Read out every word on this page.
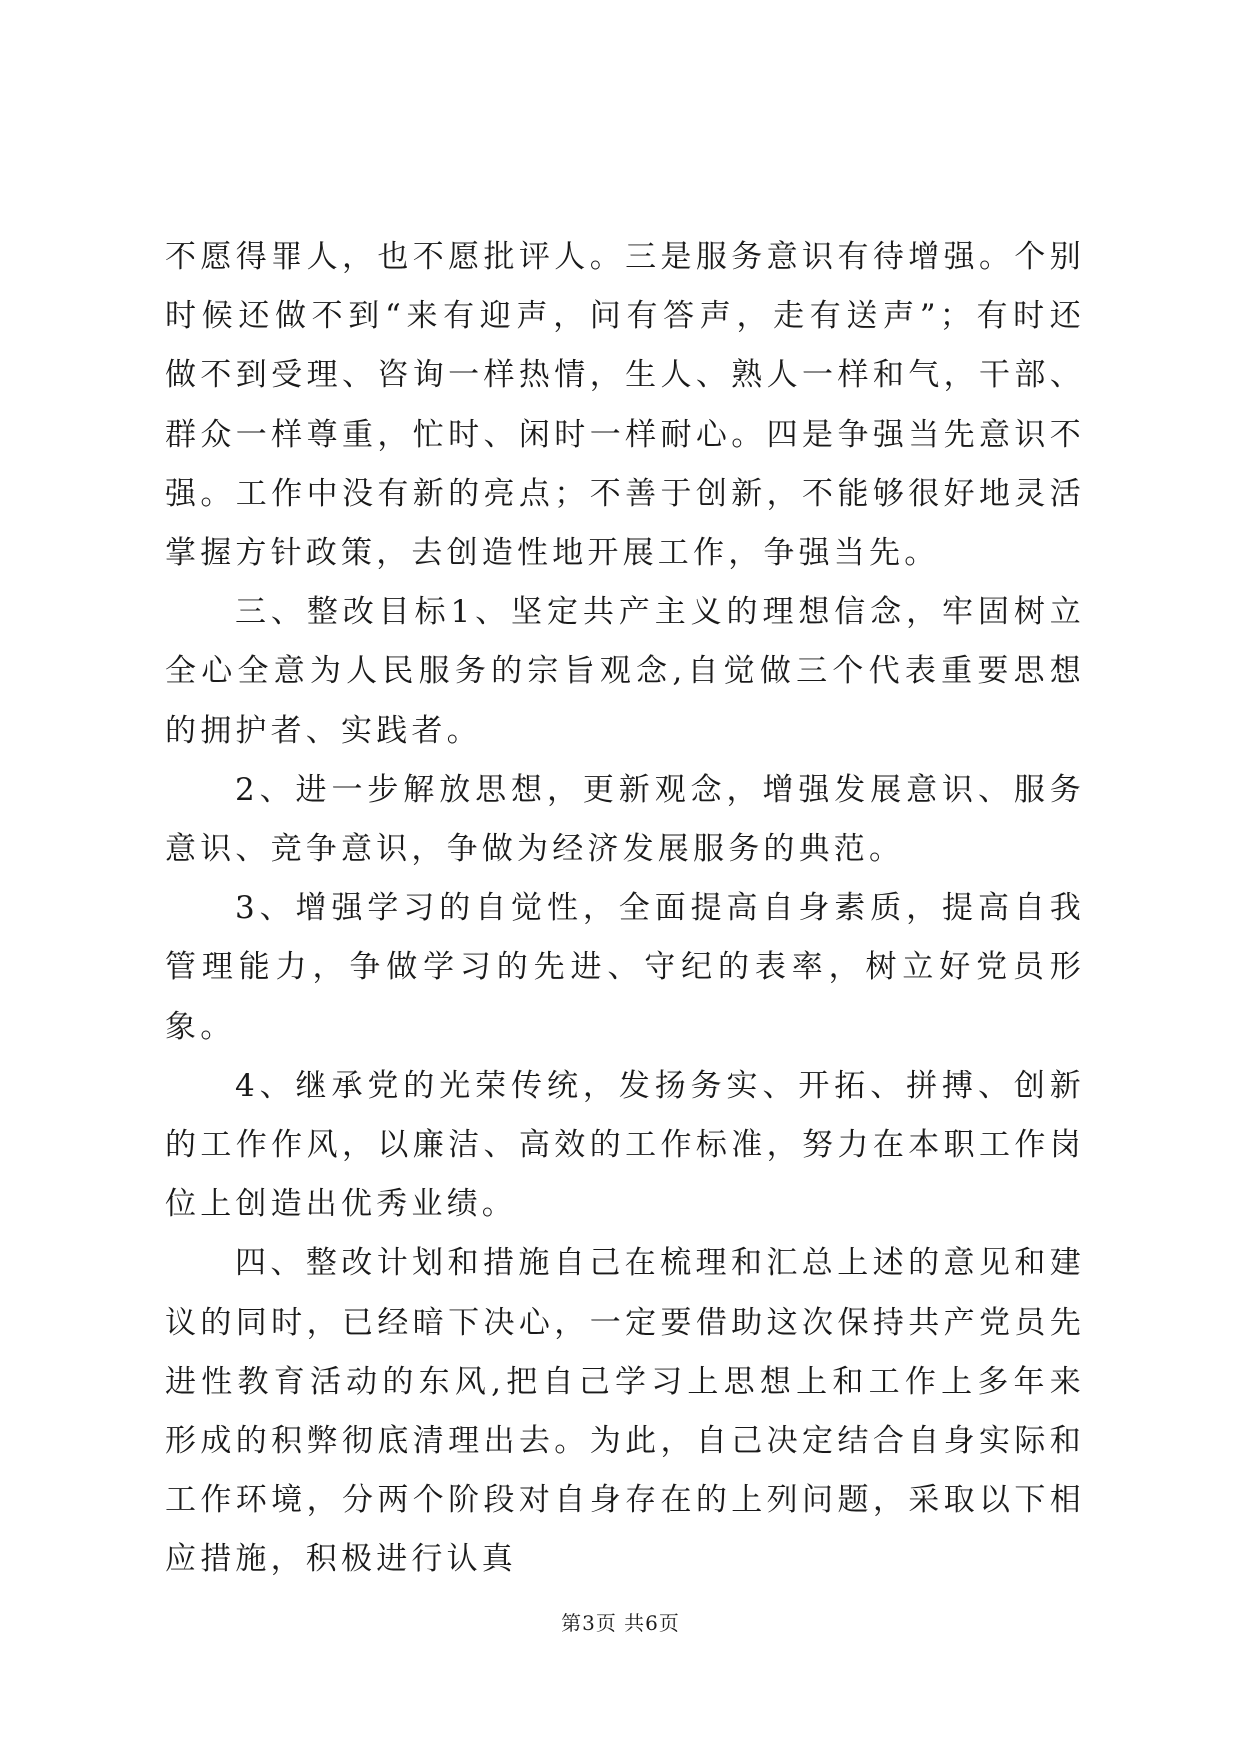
不愿得罪人，也不愿批评人。三是服务意识有待增强。个别时候还做不到“来有迎声，问有答声，走有送声”；有时还做不到受理、咨询一样热情，生人、熟人一样和气，干部、群众一样尊重，忙时、闲时一样耐心。四是争强当先意识不强。工作中没有新的亮点；不善于创新，不能够很好地灵活掌握方针政策，去创造性地开展工作，争强当先。

三、整改目标1、坚定共产主义的理想信念，牢固树立全心全意为人民服务的宗旨观念,自觉做三个代表重要思想的拥护者、实践者。

2、进一步解放思想，更新观念，增强发展意识、服务意识、竞争意识，争做为经济发展服务的典范。

3、增强学习的自觉性，全面提高自身素质，提高自我管理能力，争做学习的先进、守纪的表率，树立好党员形象。

4、继承党的光荣传统，发扬务实、开拓、拼搏、创新的工作作风，以廉洁、高效的工作标准，努力在本职工作岗位上创造出优秀业绩。

四、整改计划和措施自己在梳理和汇总上述的意见和建议的同时，已经暗下决心，一定要借助这次保持共产党员先进性教育活动的东风,把自己学习上思想上和工作上多年来形成的积弊彻底清理出去。为此，自己决定结合自身实际和工作环境，分两个阶段对自身存在的上列问题，采取以下相应措施，积极进行认真

第3页 共6页
